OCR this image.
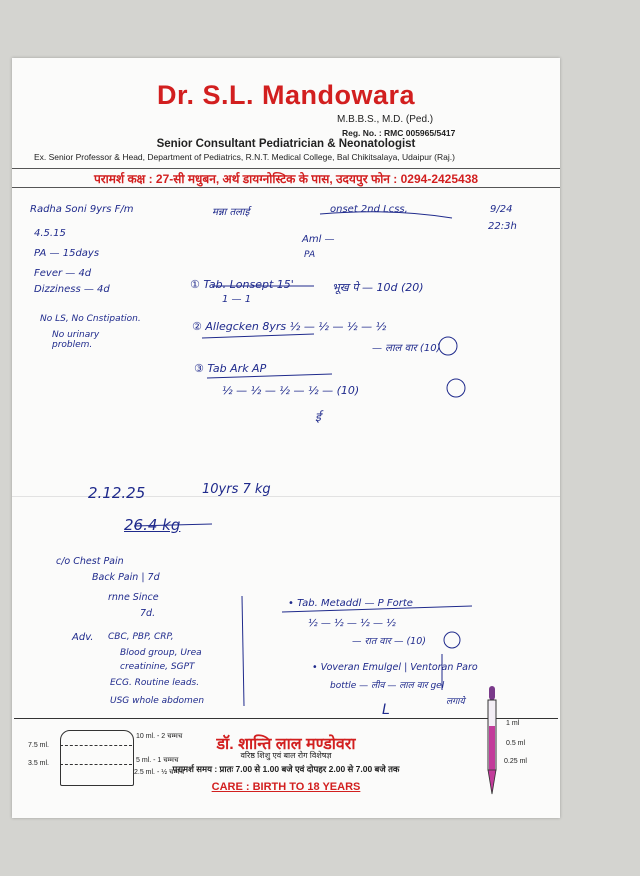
Dr. S.L. Mandowara
M.B.B.S., M.D. (Ped.)
Reg. No. : RMC 005965/5417
Senior Consultant Pediatrician & Neonatologist
Ex. Senior Professor & Head, Department of Pediatrics, R.N.T. Medical College, Bal Chikitsalaya, Udaipur (Raj.)
परामर्श कक्ष : 27-सी मधुबन, अर्थ डायग्नोस्टिक के पास, उदयपुर फोन : 0294-2425438
Radha Soni 9yrs F/m	मन्ना तलाई	onset 2nd Lcss,	9/24
22:3h
4.5.15
PA — 15days
Fever — 4d
Dizziness — 4d
No LS, No Cnstipation.
No urinary problem.
Aml —
PA
① Tab. Lonsept 15'
1 — 1
भूख पे — 10d (20)
② Allegcken 8yrs ½ — ½ — ½ — ½
— लाल वार (10)
③ Tab Ark AP
½ — ½ — ½ — ½ — (10)
ई
2.12.25	10yrs 7 kg
26.4 kg
c/o Chest Pain
Back Pain | 7d
rnne Since
7d.
Adv. CBC, PBP, CRP,
Blood group, Urea
creatinine, SGPT
ECG. Routine leads.
USG whole abdomen
• Tab. Metaddl — P Forte
½ — ½ — ½ — ½
— रात वार — (10)
• Voveran Emulgel | Ventoran Paro
bottle — लीव — लाल वार gel
लगाये
L
7.5 ml.
3.5 ml.
10 ml. - 2 चम्मच
5 ml. - 1 चम्मच
2.5 ml. - ½ चम्मच
डॉ. शान्ति लाल मण्डोवरा
वरिष्ठ शिशु एवं बाल रोग विशेषज्ञ
परामर्श समय : प्रातः 7.00 से 1.00 बजे एवं दोपहर 2.00 से 7.00 बजे तक
CARE : BIRTH TO 18 YEARS
1 ml
0.5 ml
0.25 ml
